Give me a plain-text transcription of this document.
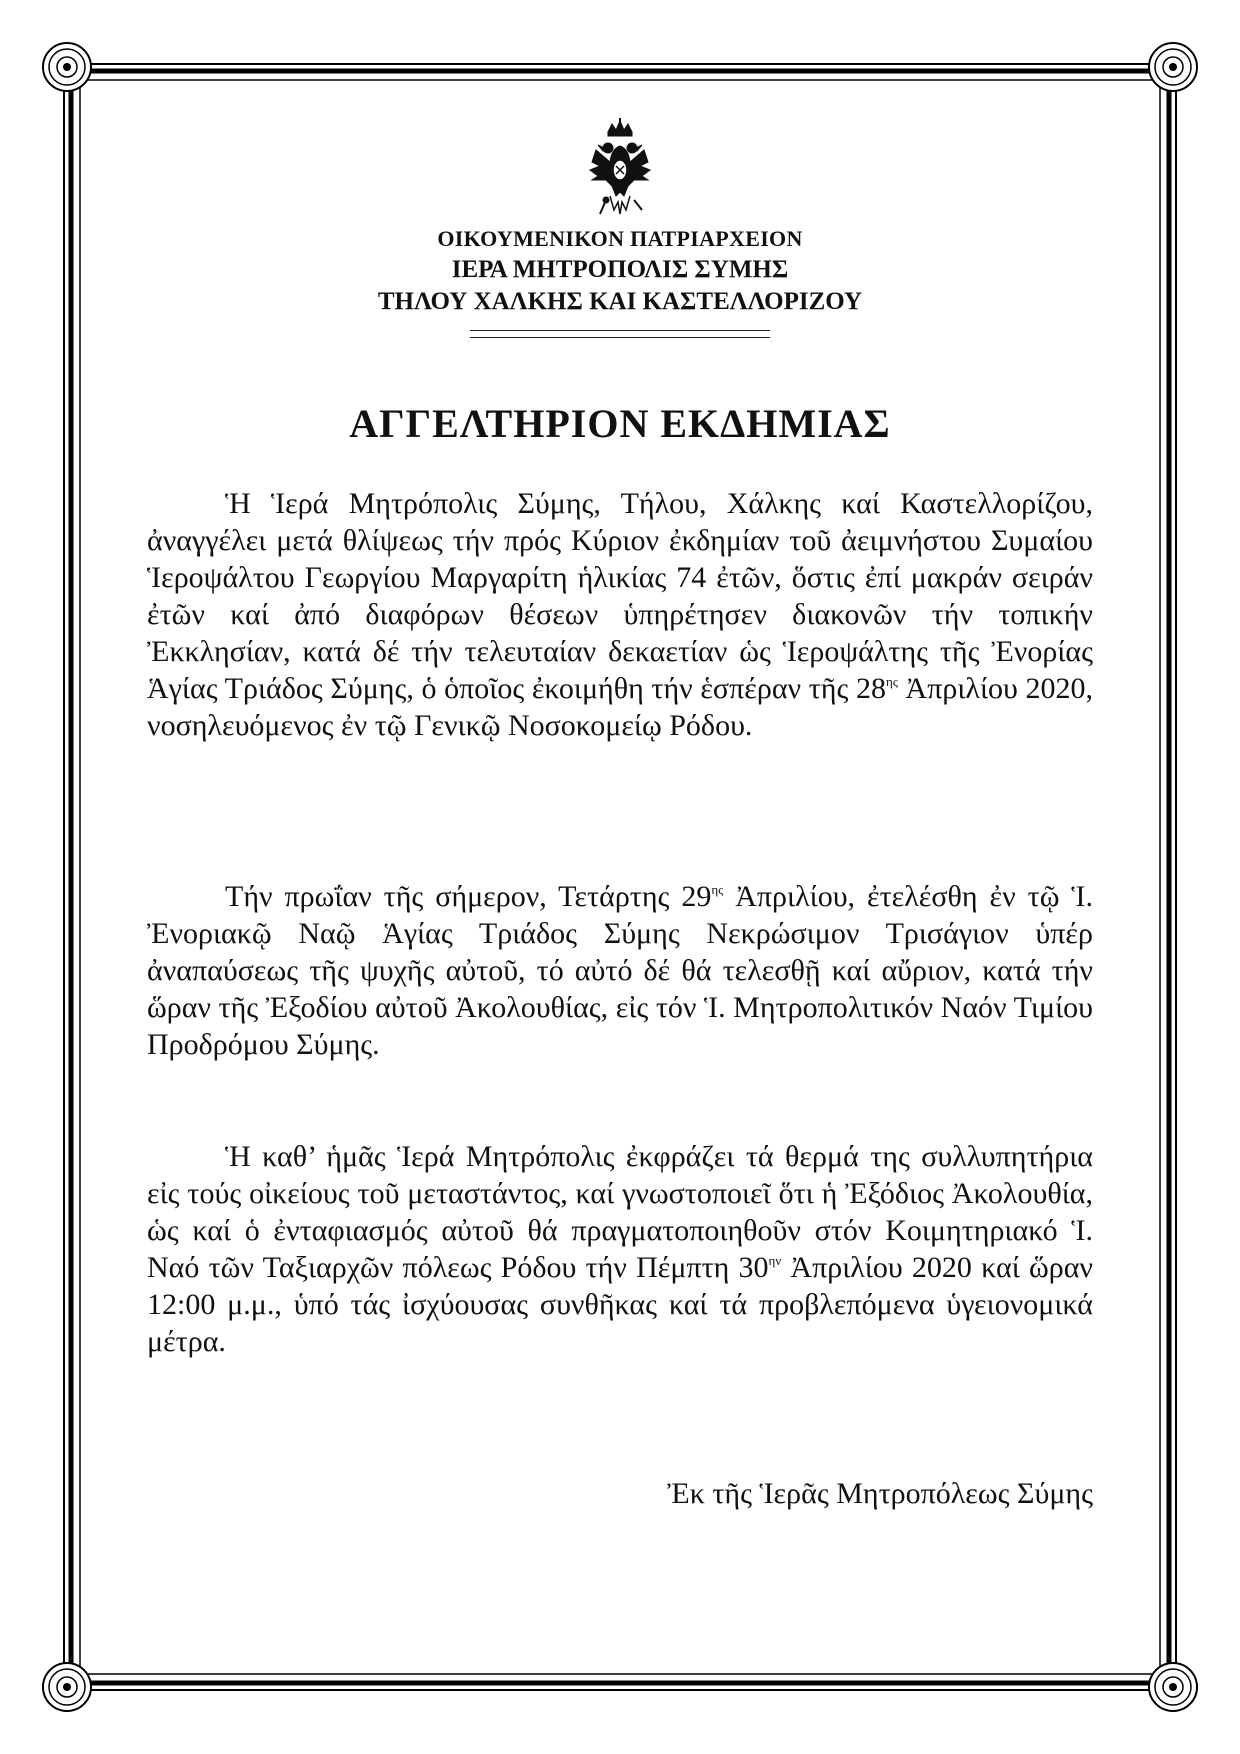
ΟΙΚΟΥΜΕΝΙΚΟΝ ΠΑΤΡΙΑΡΧΕΙΟΝ
ΙΕΡΑ ΜΗΤΡΟΠΟΛΙΣ ΣΥΜΗΣ
ΤΗΛΟΥ ΧΑΛΚΗΣ ΚΑΙ ΚΑΣΤΕΛΛΟΡΙΖΟΥ
ΑΓΓΕΛΤΗΡΙΟΝ ΕΚΔΗΜΙΑΣ

Ἡ Ἱερά Μητρόπολις Σύμης, Τήλου, Χάλκης καί Καστελλορίζου, ἀναγγέλει μετά θλίψεως τήν πρός Κύριον ἐκδημίαν τοῦ ἀειμνήστου Συμαίου Ἱεροψάλτου Γεωργίου Μαργαρίτη ἡλικίας 74 ἐτῶν, ὅστις ἐπί μακράν σειράν ἐτῶν καί ἀπό διαφόρων θέσεων ὑπηρέτησεν διακονῶν τήν τοπικήν Ἐκκλησίαν, κατά δέ τήν τελευταίαν δεκαετίαν ὡς Ἱεροψάλτης τῆς Ἐνορίας Ἁγίας Τριάδος Σύμης, ὁ ὁποῖος ἐκοιμήθη τήν ἑσπέραν τῆς $28^{\eta\varsigma}$ Ἀπριλίου 2020, νοσηλευόμενος ἐν τῷ Γενικῷ Νοσοκομείῳ Ρόδου.

Τήν πρωΐαν τῆς σήμερον, Τετάρτης $29^{\eta\varsigma}$ Ἀπριλίου, ἐτελέσθη ἐν τῷ Ἱ. Ἐνοριακῷ Ναῷ Ἁγίας Τριάδος Σύμης Νεκρώσιμον Τρισάγιον ὑπέρ ἀναπαύσεως τῆς ψυχῆς αὐτοῦ, τό αὐτό δέ θά τελεσθῇ καί αὔριον, κατά τήν ὥραν τῆς Ἐξοδίου αὐτοῦ Ἀκολουθίας, εἰς τόν Ἱ. Μητροπολιτικόν Ναόν Τιμίου Προδρόμου Σύμης.

Ἡ καθ’ ἡμᾶς Ἱερά Μητρόπολις ἐκφράζει τά θερμά της συλλυπητήρια εἰς τούς οἰκείους τοῦ μεταστάντος, καί γνωστοποιεῖ ὅτι ἡ Ἐξόδιος Ἀκολουθία, ὡς καί ὁ ἐνταφιασμός αὐτοῦ θά πραγματοποιηθοῦν στόν Κοιμητηριακό Ἱ. Ναό τῶν Ταξιαρχῶν πόλεως Ρόδου τήν Πέμπτη $30^{\eta\nu}$ Ἀπριλίου 2020 καί ὥραν 12:00 μ.μ., ὑπό τάς ἰσχύουσας συνθῆκας καί τά προβλεπόμενα ὑγειονομικά μέτρα.

Ἐκ τῆς Ἱερᾶς Μητροπόλεως Σύμης
